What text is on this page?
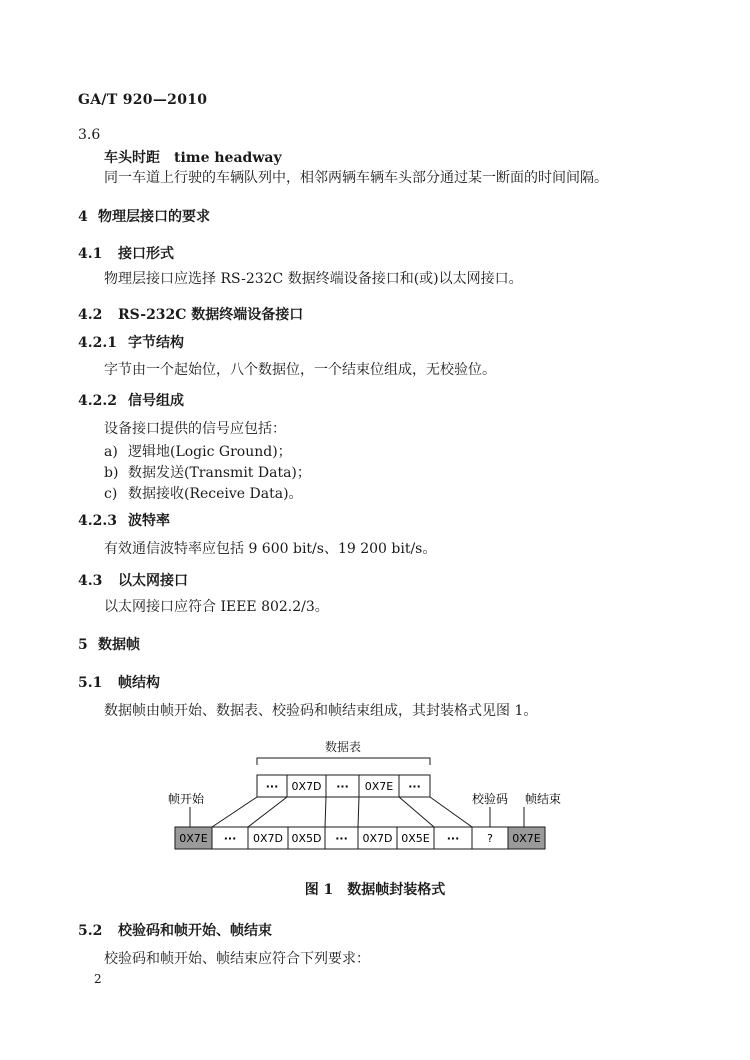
GA/T 920—2010
3.6
车头时距 time headway
同一车道上行驶的车辆队列中，相邻两辆车辆车头部分通过某一断面的时间间隔。
4 物理层接口的要求
4.1 接口形式
物理层接口应选择 RS-232C 数据终端设备接口和(或)以太网接口。
4.2 RS-232C 数据终端设备接口
4.2.1 字节结构
字节由一个起始位，八个数据位，一个结束位组成，无校验位。
4.2.2 信号组成
设备接口提供的信号应包括：
a) 逻辑地(Logic Ground)；
b) 数据发送(Transmit Data)；
c) 数据接收(Receive Data)。
4.2.3 波特率
有效通信波特率应包括 9 600 bit/s、19 200 bit/s。
4.3 以太网接口
以太网接口应符合 IEEE 802.2/3。
5 数据帧
5.1 帧结构
数据帧由帧开始、数据表、校验码和帧结束组成，其封装格式见图 1。
数据表
··· 0X7D ··· 0X7E ···
帧开始	校验码 帧结束
0X7E ··· 0X7D 0X5D ··· 0X7D 0X5E ···	? 0X7E
图 1　数据帧封装格式
5.2 校验码和帧开始、帧结束
校验码和帧开始、帧结束应符合下列要求：
2
